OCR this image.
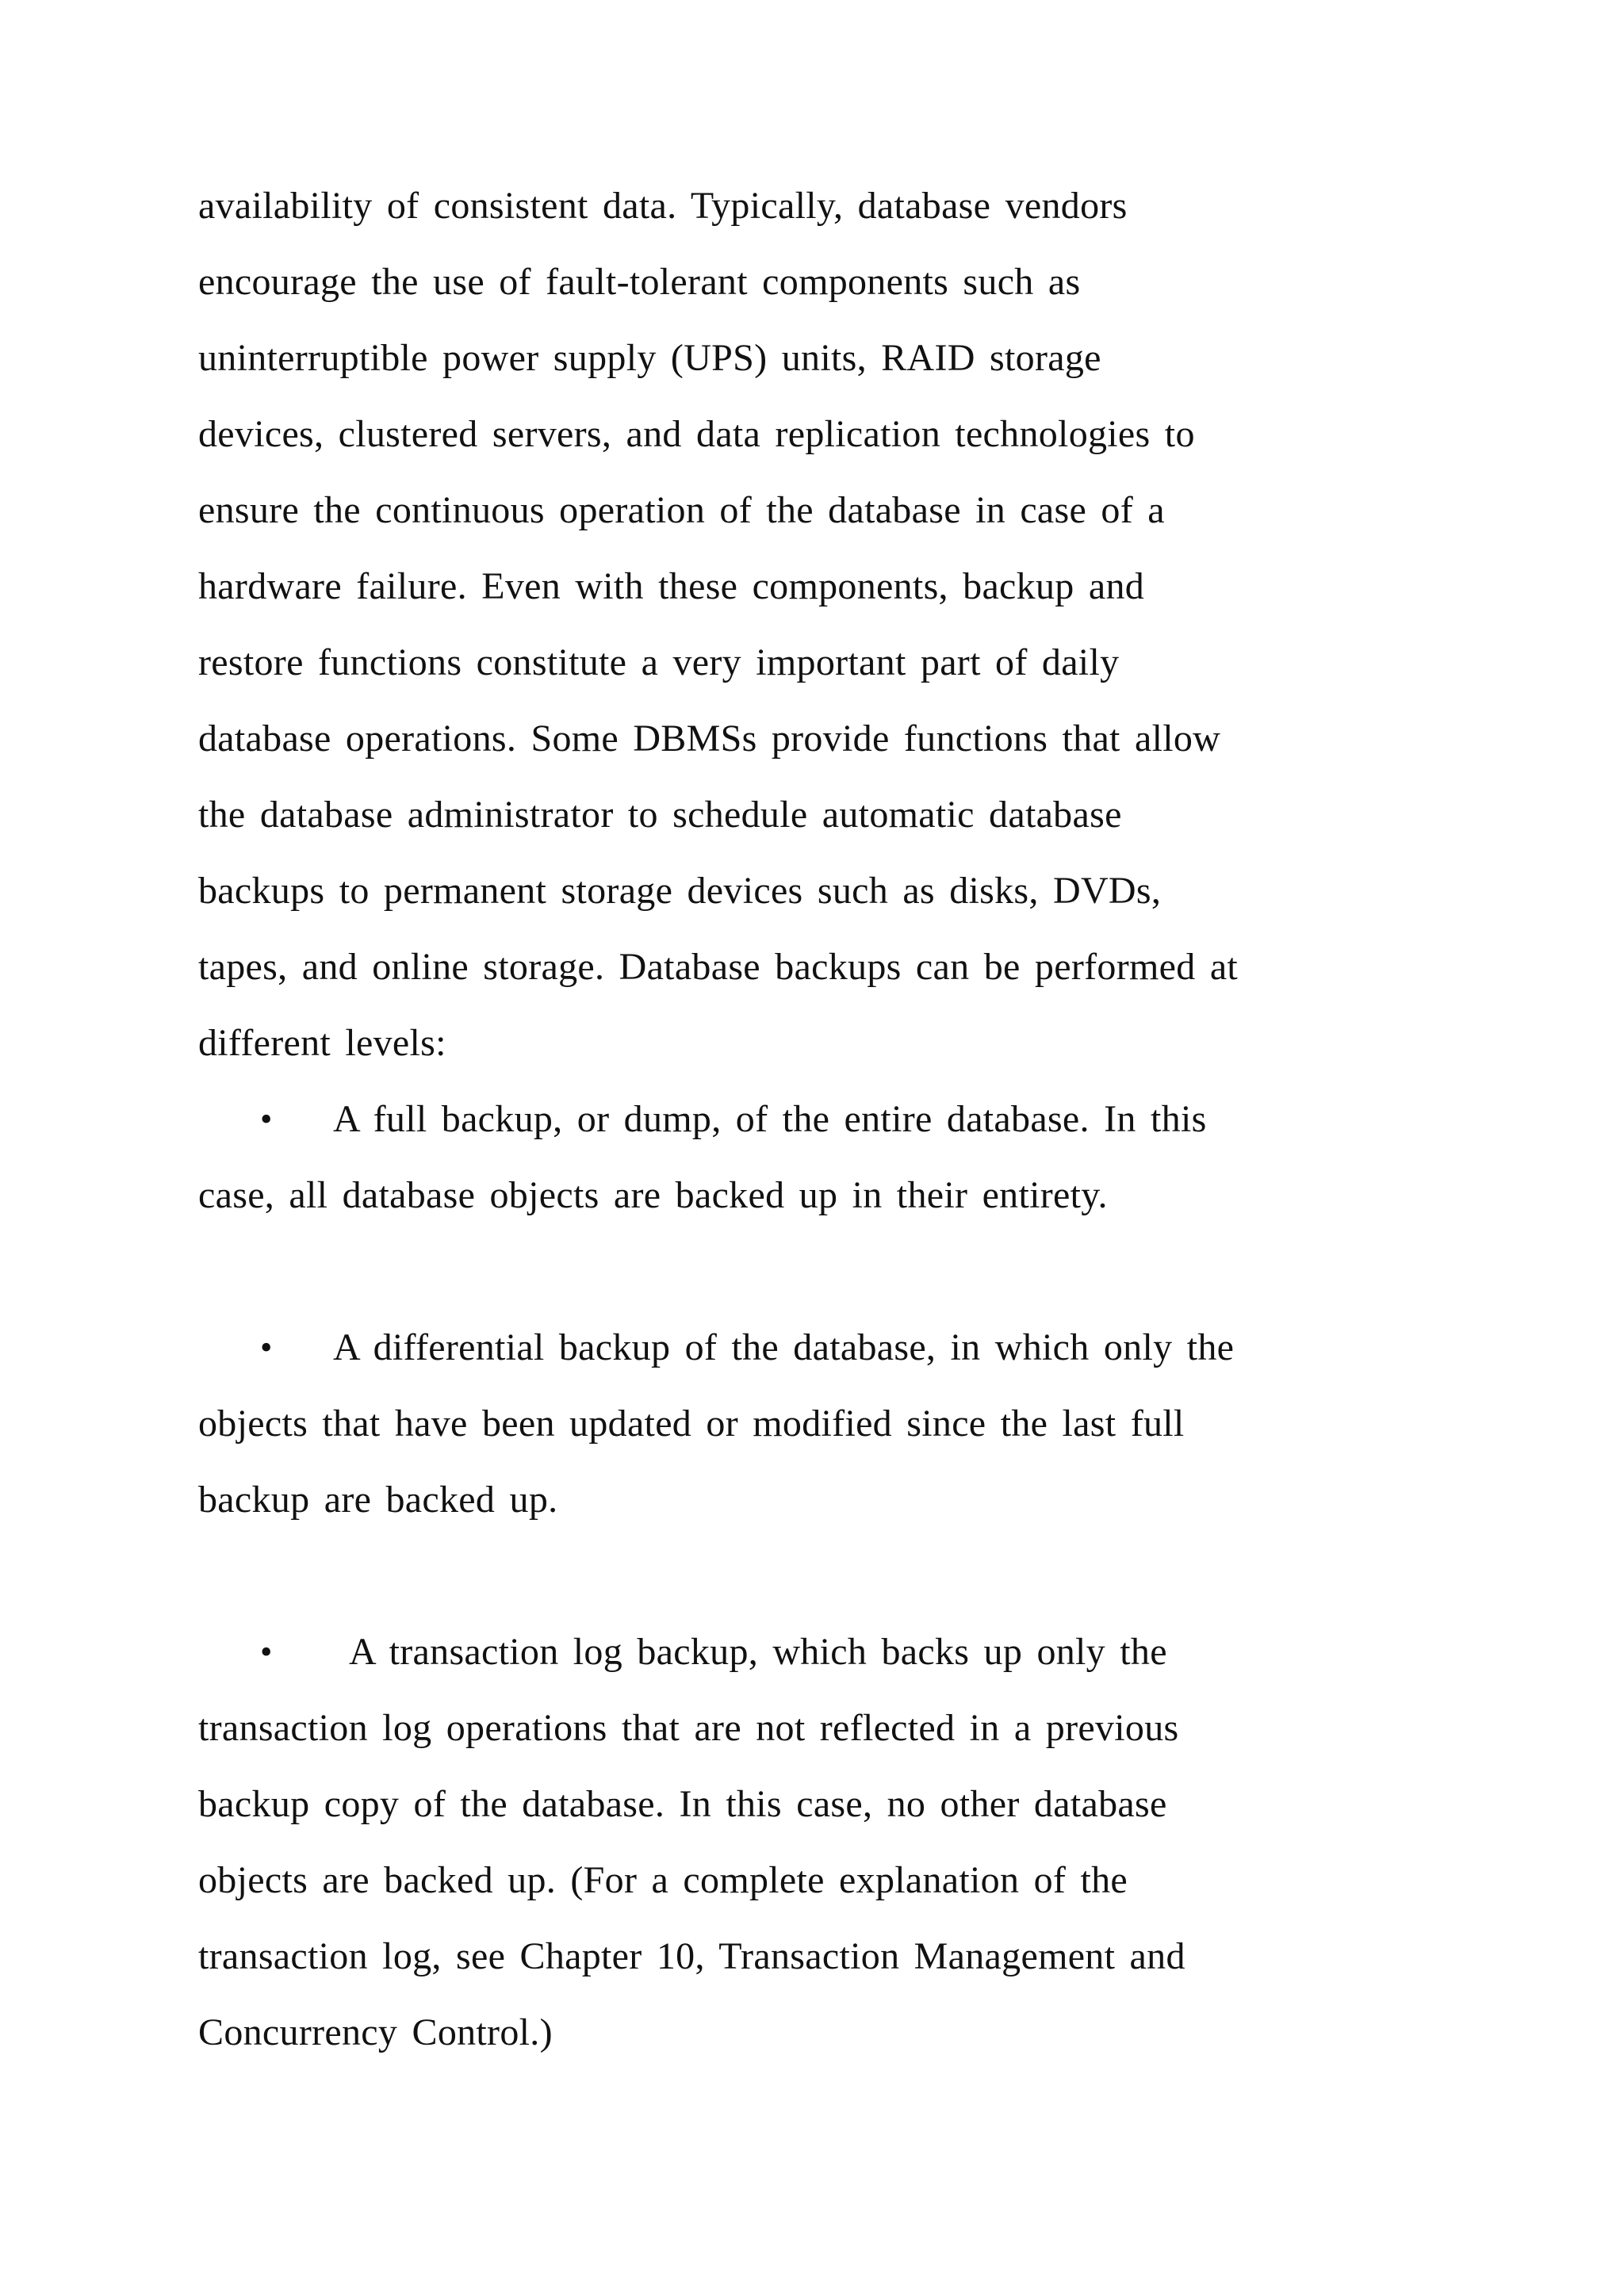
availability of consistent data. Typically, database vendors
encourage the use of fault-tolerant components such as
uninterruptible power supply (UPS) units, RAID storage
devices, clustered servers, and data replication technologies to
ensure the continuous operation of the database in case of a
hardware failure. Even with these components, backup and
restore functions constitute a very important part of daily
database operations. Some DBMSs provide functions that allow
the database administrator to schedule automatic database
backups to permanent storage devices such as disks, DVDs,
tapes, and online storage. Database backups can be performed at
different levels:
• A full backup, or dump, of the entire database. In this
case, all database objects are backed up in their entirety.
• A differential backup of the database, in which only the
objects that have been updated or modified since the last full
backup are backed up.
• A transaction log backup, which backs up only the
transaction log operations that are not reflected in a previous
backup copy of the database. In this case, no other database
objects are backed up. (For a complete explanation of the
transaction log, see Chapter 10, Transaction Management and
Concurrency Control.)
